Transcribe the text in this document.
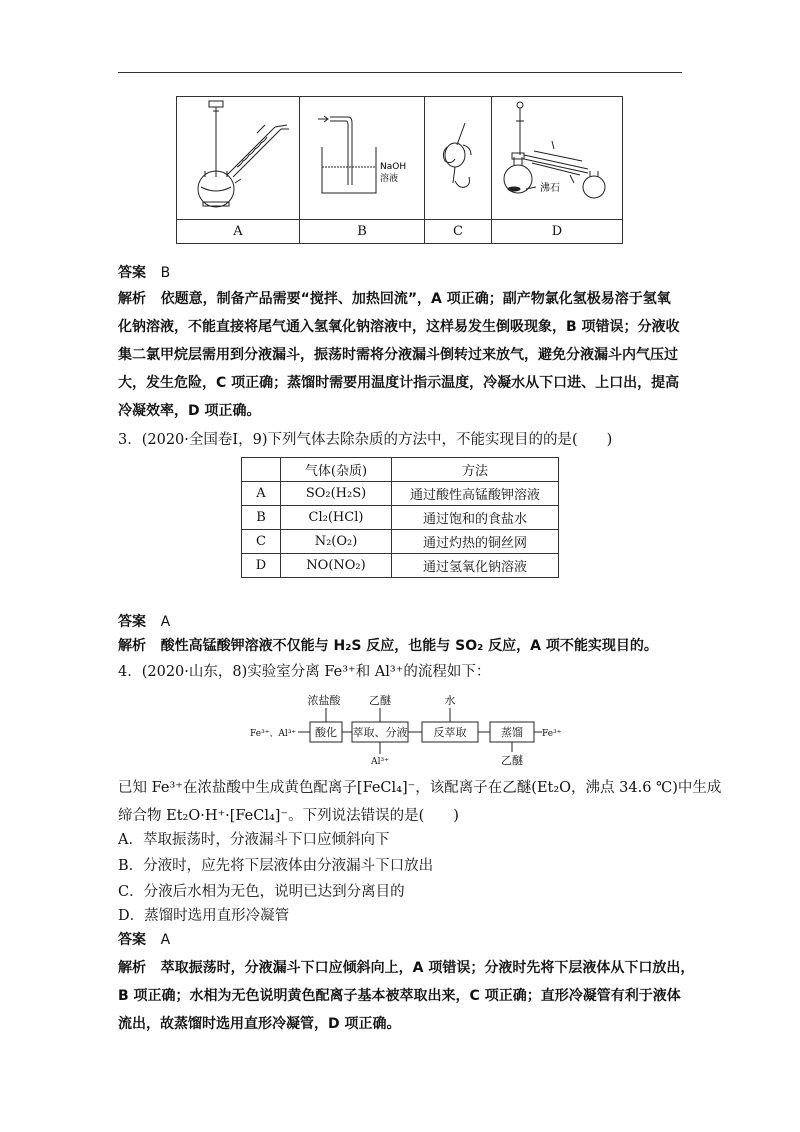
NaOH
溶液		沸石

A	B	C	D
答案 B
解析 依题意，制备产品需要“搅拌、加热回流”，A 项正确；副产物氯化氢极易溶于氢氧
化钠溶液，不能直接将尾气通入氢氧化钠溶液中，这样易发生倒吸现象，B 项错误；分液收
集二氯甲烷层需用到分液漏斗，振荡时需将分液漏斗倒转过来放气，避免分液漏斗内气压过
大，发生危险，C 项正确；蒸馏时需要用温度计指示温度，冷凝水从下口进、上口出，提高
冷凝效率，D 项正确。
3．(2020·全国卷Ⅰ，9)下列气体去除杂质的方法中，不能实现目的的是(　　)
	气体(杂质)	方法
A	SO₂(H₂S)	通过酸性高锰酸钾溶液
B	Cl₂(HCl)	通过饱和的食盐水
C	N₂(O₂)	通过灼热的铜丝网
D	NO(NO₂)	通过氢氧化钠溶液
答案 A
解析 酸性高锰酸钾溶液不仅能与 H₂S 反应，也能与 SO₂ 反应，A 项不能实现目的。
4．(2020·山东，8)实验室分离 Fe³⁺和 Al³⁺的流程如下：
浓盐酸	乙醚	水
Fe³⁺、Al³⁺ 酸化 萃取、分液 反萃取	蒸馏 Fe³⁺
Al³⁺	乙醚
已知 Fe³⁺在浓盐酸中生成黄色配离子[FeCl₄]⁻，该配离子在乙醚(Et₂O，沸点 34.6 ℃)中生成
缔合物 Et₂O·H⁺·[FeCl₄]⁻。下列说法错误的是(　　)
A．萃取振荡时，分液漏斗下口应倾斜向下
B．分液时，应先将下层液体由分液漏斗下口放出
C．分液后水相为无色，说明已达到分离目的
D．蒸馏时选用直形冷凝管
答案 A
解析 萃取振荡时，分液漏斗下口应倾斜向上，A 项错误；分液时先将下层液体从下口放出，
B 项正确；水相为无色说明黄色配离子基本被萃取出来，C 项正确；直形冷凝管有利于液体
流出，故蒸馏时选用直形冷凝管，D 项正确。
